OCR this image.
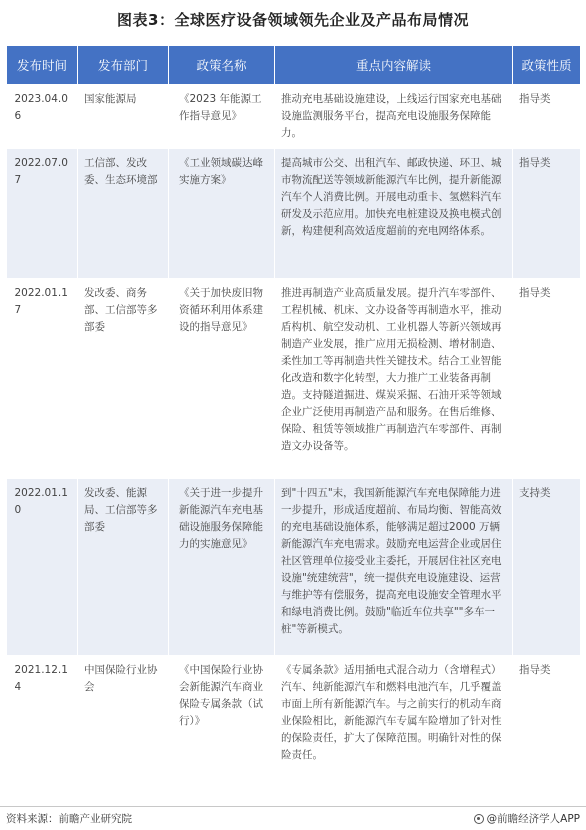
图表3：全球医疗设备领域领先企业及产品布局情况
发布时间	发布部门	政策名称	重点内容解读	政策性质
2023.04.06	国家能源局	《2023 年能源工作指导意见》	推动充电基础设施建设，上线运行国家充电基础设施监测服务平台，提高充电设施服务保障能力。	指导类
2022.07.07	工信部、发改委、生态环境部	《工业领域碳达峰实施方案》	提高城市公交、出租汽车、邮政快递、环卫、城市物流配送等领域新能源汽车比例，提升新能源汽车个人消费比例。开展电动重卡、氢燃料汽车研发及示范应用。加快充电桩建设及换电模式创新，构建便利高效适度超前的充电网络体系。	指导类
2022.01.17	发改委、商务部、工信部等多部委	《关于加快废旧物资循环利用体系建设的指导意见》	推进再制造产业高质量发展。提升汽车零部件、工程机械、机床、文办设备等再制造水平，推动盾构机、航空发动机、工业机器人等新兴领域再制造产业发展，推广应用无损检测、增材制造、柔性加工等再制造共性关键技术。结合工业智能化改造和数字化转型，大力推广工业装备再制造。支持隧道掘进、煤炭采掘、石油开采等领域企业广泛使用再制造产品和服务。在售后维修、保险、租赁等领域推广再制造汽车零部件、再制造文办设备等。	指导类
2022.01.10	发改委、能源局、工信部等多部委	《关于进一步提升新能源汽车充电基础设施服务保障能力的实施意见》	到"十四五"末，我国新能源汽车充电保障能力进一步提升，形成适度超前、布局均衡、智能高效的充电基础设施体系，能够满足超过2000 万辆新能源汽车充电需求。鼓励充电运营企业或居住社区管理单位接受业主委托，开展居住社区充电设施"统建统营"，统一提供充电设施建设、运营与维护等有偿服务，提高充电设施安全管理水平和绿电消费比例。鼓励"临近车位共享""多车一桩"等新模式。	支持类
2021.12.14	中国保险行业协会	《中国保险行业协会新能源汽车商业保险专属条款（试行）》	《专属条款》适用插电式混合动力（含增程式）汽车、纯新能源汽车和燃料电池汽车，几乎覆盖市面上所有新能源汽车。与之前实行的机动车商业保险相比，新能源汽车专属车险增加了针对性的保险责任，扩大了保障范围。明确针对性的保险责任。	指导类
资料来源：前瞻产业研究院	@前瞻经济学人APP
